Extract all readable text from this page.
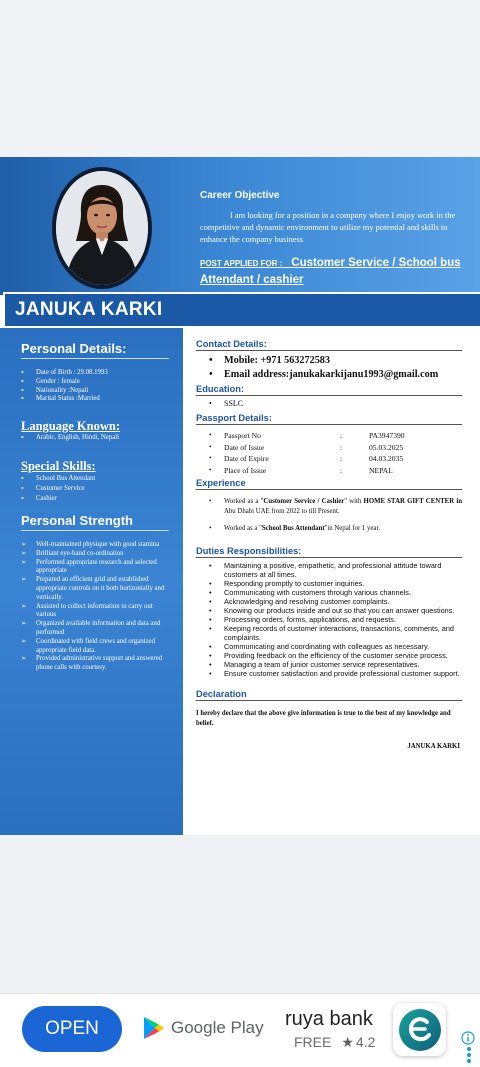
Career Objective
I am looking for a position in a company where I enjoy work in the competitive and dynamic environment to utilize my potential and skills to enhance the company business
POST APPLIED FOR : Customer Service / School bus
Attendant / cashier
JANUKA KARKI
Personal Details:
• Date of Birth : 29.08.1993
• Gender : female
• Nationality :Nepali
• Marital Status :Married
Language Known:
• Arabic, English, Hindi, Nepali
Special Skills:
• School Bus Attendant
• Customer Service
• Cashier
Personal Strength
➢ Well-maintained physique with good stamina
➢ Brilliant eye-hand co-ordination
➢ Performed appropriate research and selected appropriate
➢ Prepared an efficient grid and established appropriate controls on it both horizontally and vertically.
➢ Assisted to collect information to carry out various
➢ Organized available information and data and performed
➢ Coordinated with field crews and organized appropriate field data.
➢ Provided administrative support and answered phone calls with courtesy.
Contact Details:
• Mobile: +971 563272583
• Email address:janukakarkijanu1993@gmail.com
Education:
• SSLC
Passport Details:
• Passport No	:	PA3947390
• Date of Issue	:	05.03.2025
• Date of Expire	:	04.03.2035
• Place of Issue	:	NEPAL
Experience
• Worked as a "Customer Service / Cashier" with HOME STAR GIFT CENTER in Abu Dhabi UAE from 2022 to till Present.
• Worked as a "School Bus Attendant"in Nepal for 1 year.
Duties Responsibilities:
• Maintaining a positive, empathetic, and professional attitude toward customers at all times.
• Responding promptly to customer inquiries.
• Communicating with customers through various channels.
• Acknowledging and resolving customer complaints.
• Knowing our products inside and out so that you can answer questions.
• Processing orders, forms, applications, and requests.
• Keeping records of customer interactions, transactions, comments, and complaints.
• Communicating and coordinating with colleagues as necessary.
• Providing feedback on the efficiency of the customer service process.
• Managing a team of junior customer service representatives.
• Ensure customer satisfaction and provide professional customer support.
Declaration
I hereby declare that the above give information is true to the best of my knowledge and belief.
JANUKA KARKI
OPEN	Google Play ruya bank
FREE ★ 4.2
